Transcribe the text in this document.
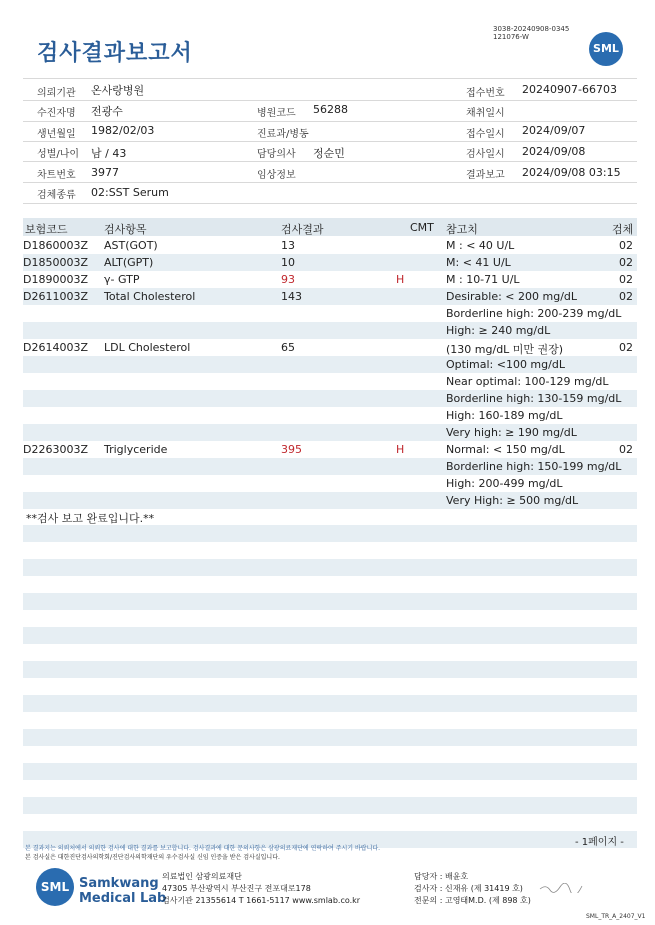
검사결과보고서
3038-20240908-0345
121076-W
SML
의뢰기관 온사랑병원	접수번호 20240907-66703
수진자명 전광수	병원코드 56288	채취일시
생년월일 1982/02/03	진료과/병동	접수일시 2024/09/07
성별/나이 남 / 43	담당의사 정순민	검사일시 2024/09/08
차트번호 3977	임상정보	결과보고 2024/09/08 03:15
검체종류 02:SST Serum
보험코드	검사항목	검사결과	CMT 참고치	검체
D1860003Z AST(GOT)	13	M : < 40 U/L	02
D1850003Z ALT(GPT)	10	M: < 41 U/L	02
D1890003Z γ- GTP	93	H	M : 10-71 U/L	02
D2611003Z Total Cholesterol	143	Desirable: < 200 mg/dL	02
Borderline high: 200-239 mg/dL
High: ≥ 240 mg/dL
D2614003Z LDL Cholesterol	65	(130 mg/dL 미만 권장)	02
Optimal: <100 mg/dL
Near optimal: 100-129 mg/dL
Borderline high: 130-159 mg/dL
High: 160-189 mg/dL
Very high: ≥ 190 mg/dL
D2263003Z Triglyceride	395	H	Normal: < 150 mg/dL	02
Borderline high: 150-199 mg/dL
High: 200-499 mg/dL
Very High: ≥ 500 mg/dL
**검사 보고 완료입니다.**
본 결과지는 의뢰처에서 의뢰한 검사에 대한 결과를 보고합니다. 검사결과에 대한 문의사항은 삼광의료재단에 연락하여 주시기 바랍니다.
본 검사실은 대한진단검사의학회/진단검사의학재단의 우수검사실 신임 인증을 받은 검사실입니다.
- 1페이지 -
SML Samkwang
Medical Lab
의료법인 삼광의료재단
47305 부산광역시 부산진구 전포대로178
검사기관 21355614 T 1661-5117 www.smlab.co.kr
담당자 : 배윤호
검사자 : 신재유 (제 31419 호)
전문의 : 고영태M.D. (제 898 호)
SML_TR_A_2407_V1
